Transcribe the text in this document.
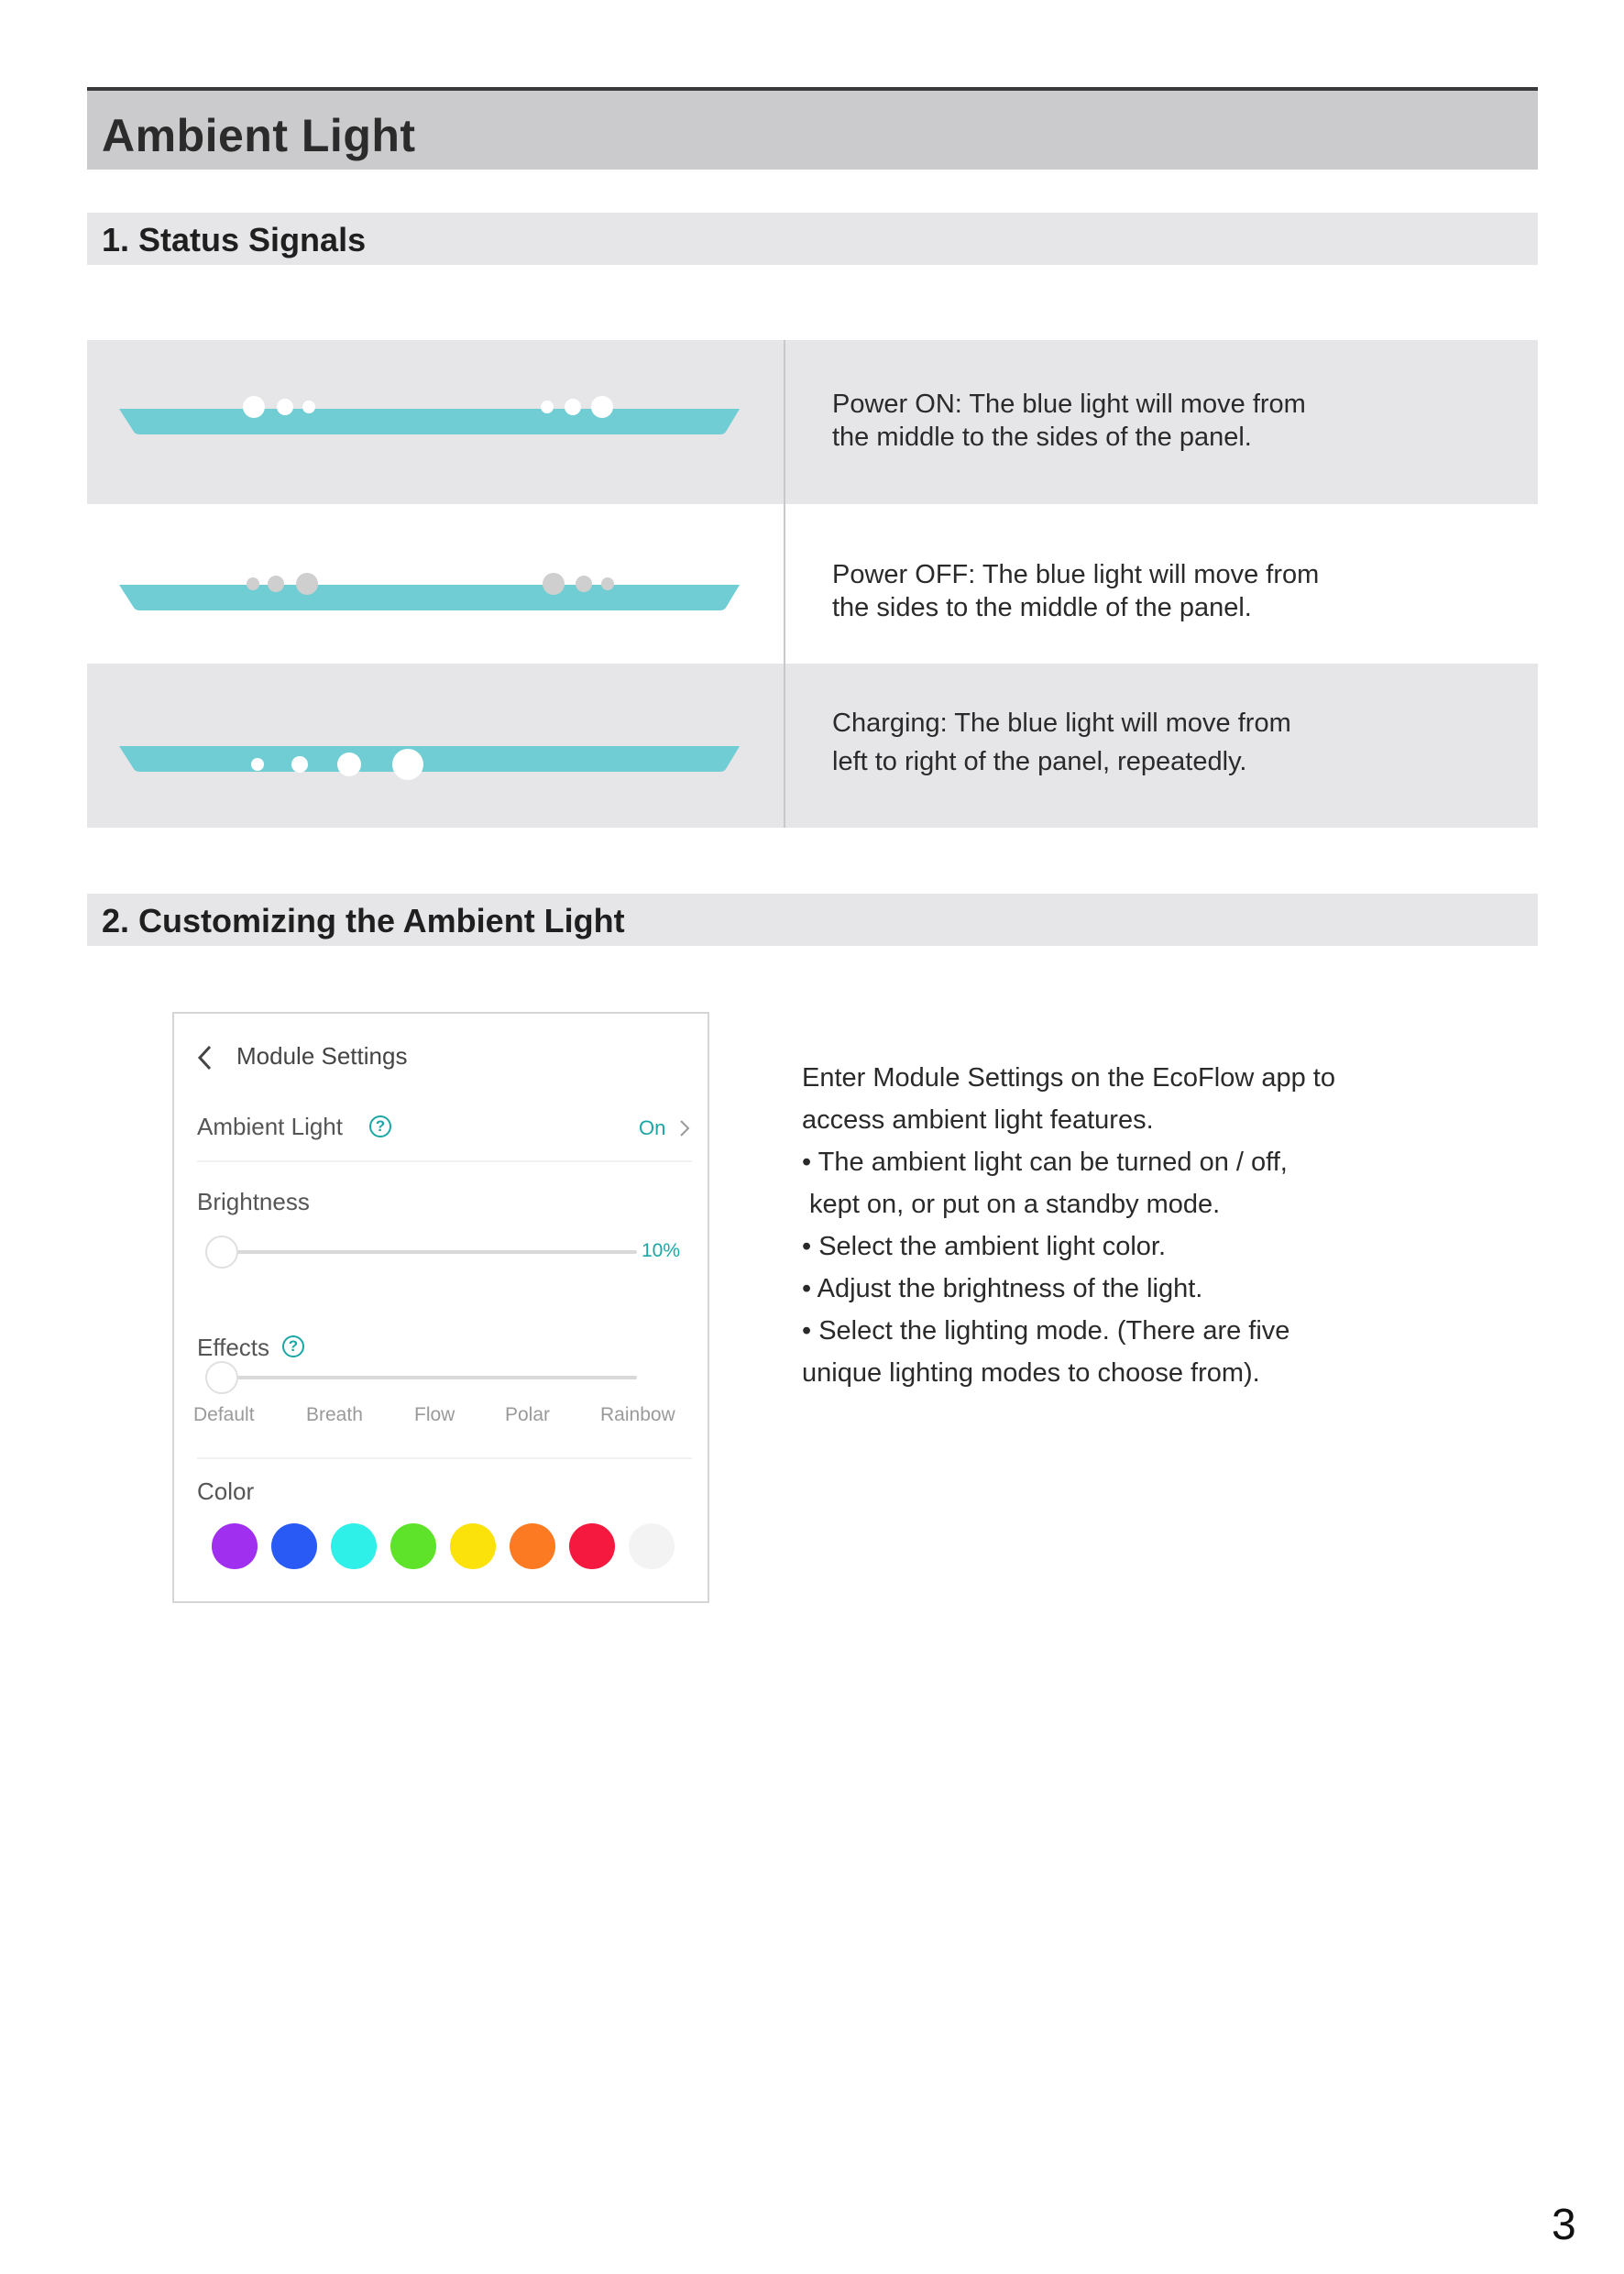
Ambient Light
1. Status Signals
Power ON: The blue light will move from
the middle to the sides of the panel.
Power OFF: The blue light will move from
the sides to the middle of the panel.
Charging: The blue light will move from
left to right of the panel, repeatedly.
2. Customizing the Ambient Light
Module Settings
Ambient Light	?	On
Brightness
10%
Effects	?
Default	Breath	Flow	Polar	Rainbow
Color

Enter Module Settings on the EcoFlow app to

access ambient light features.

• The ambient light can be turned on / off,

kept on, or put on a standby mode.

• Select the ambient light color.

• Adjust the brightness of the light.

• Select the lighting mode. (There are five

unique lighting modes to choose from).

3
